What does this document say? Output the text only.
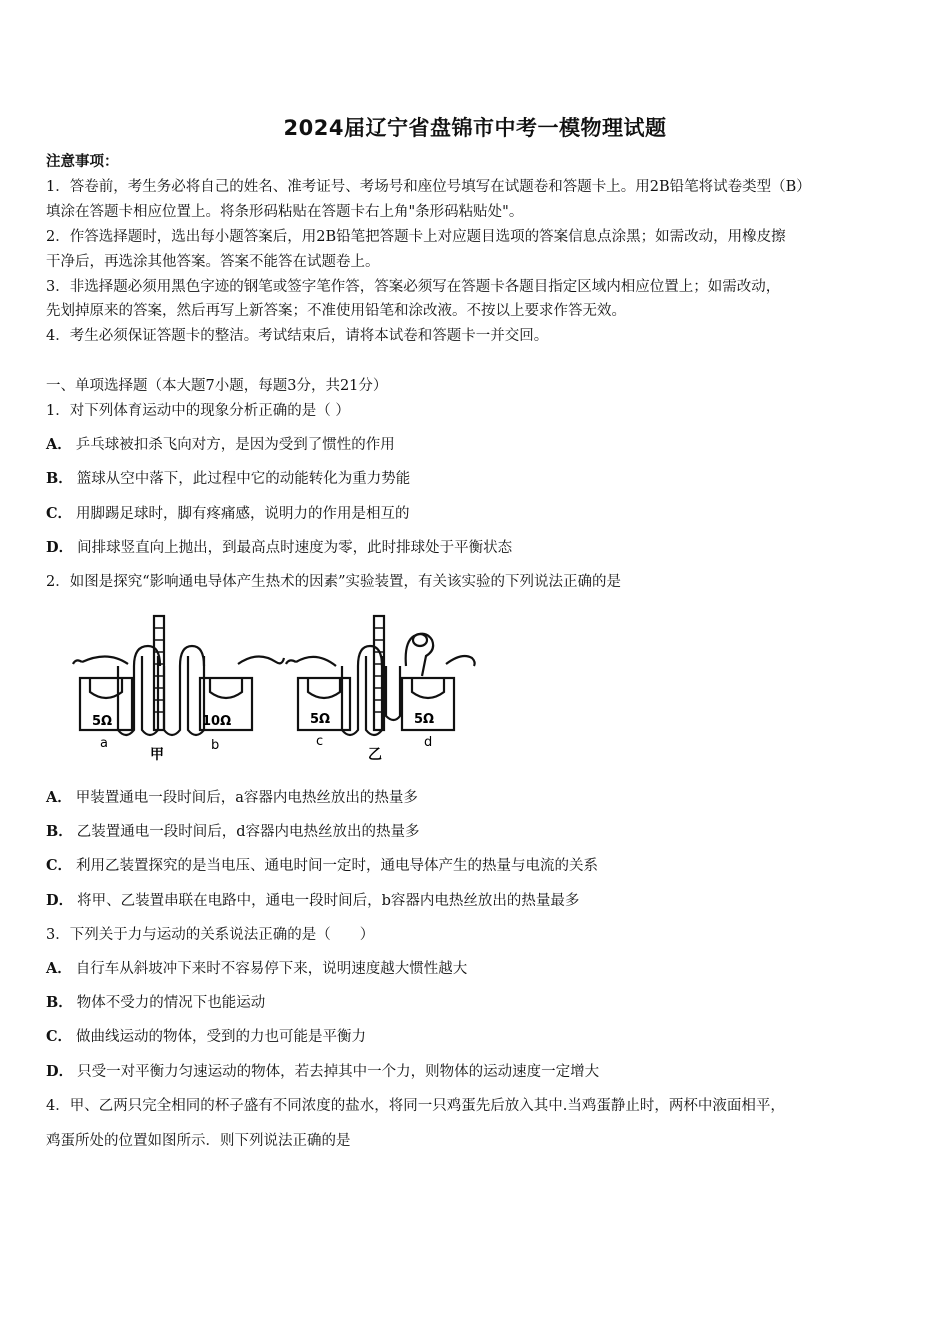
2024届辽宁省盘锦市中考一模物理试题
注意事项：
1．答卷前，考生务必将自己的姓名、准考证号、考场号和座位号填写在试题卷和答题卡上。用2B铅笔将试卷类型（B）
填涂在答题卡相应位置上。将条形码粘贴在答题卡右上角"条形码粘贴处"。
2．作答选择题时，选出每小题答案后，用2B铅笔把答题卡上对应题目选项的答案信息点涂黑；如需改动，用橡皮擦
干净后，再选涂其他答案。答案不能答在试题卷上。
3．非选择题必须用黑色字迹的钢笔或签字笔作答，答案必须写在答题卡各题目指定区域内相应位置上；如需改动，
先划掉原来的答案，然后再写上新答案；不准使用铅笔和涂改液。不按以上要求作答无效。
4．考生必须保证答题卡的整洁。考试结束后，请将本试卷和答题卡一并交回。
一、单项选择题（本大题7小题，每题3分，共21分）
1．对下列体育运动中的现象分析正确的是（ ）
A． 乒乓球被扣杀飞向对方，是因为受到了惯性的作用
B． 篮球从空中落下，此过程中它的动能转化为重力势能
C． 用脚踢足球时，脚有疼痛感，说明力的作用是相互的
D． 间排球竖直向上抛出，到最高点时速度为零，此时排球处于平衡状态
2．如图是探究“影响通电导体产生热术的因素”实验装置，有关该实验的下列说法正确的是
5Ω	10Ω
a	b
甲
5Ω	5Ω
c	d
乙
A． 甲装置通电一段时间后，a容器内电热丝放出的热量多
B． 乙装置通电一段时间后，d容器内电热丝放出的热量多
C． 利用乙装置探究的是当电压、通电时间一定时，通电导体产生的热量与电流的关系
D． 将甲、乙装置串联在电路中，通电一段时间后，b容器内电热丝放出的热量最多
3．下列关于力与运动的关系说法正确的是（　　）
A． 自行车从斜坡冲下来时不容易停下来，说明速度越大惯性越大
B． 物体不受力的情况下也能运动
C． 做曲线运动的物体，受到的力也可能是平衡力
D． 只受一对平衡力匀速运动的物体，若去掉其中一个力，则物体的运动速度一定增大
4．甲、乙两只完全相同的杯子盛有不同浓度的盐水，将同一只鸡蛋先后放入其中.当鸡蛋静止时，两杯中液面相平，
鸡蛋所处的位置如图所示．则下列说法正确的是
